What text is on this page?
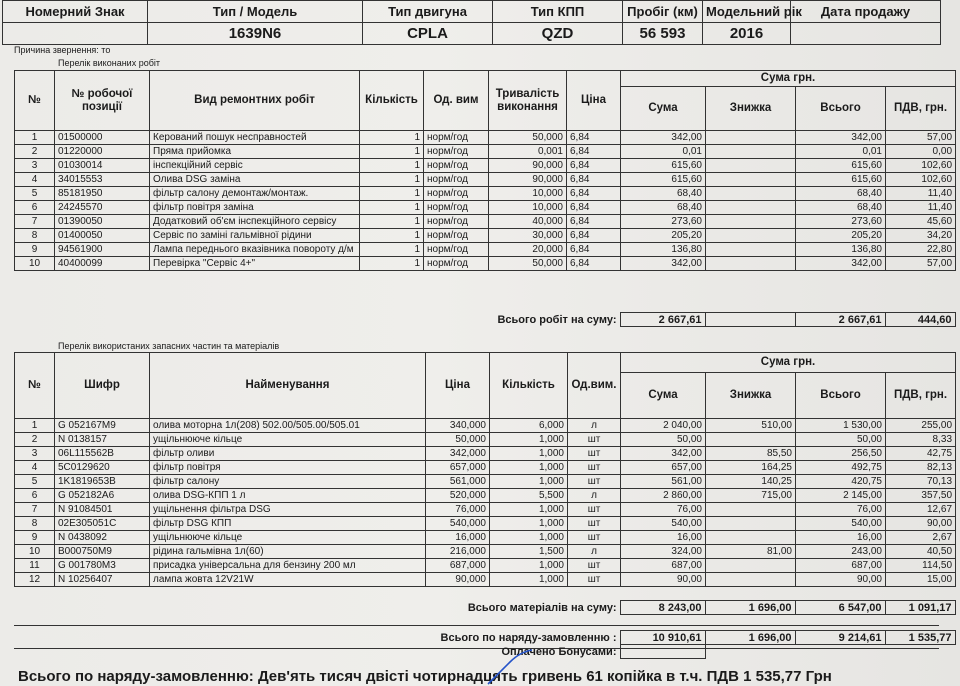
Номерний Знак	Тип / Модель	Тип двигуна	Тип КПП	Пробіг (км)	Модельний рік	Дата продажу
	1639N6	CPLA	QZD	56 593	2016	
Причина звернення: то
Перелік виконаних робіт
№	№ робочої позиції	Вид ремонтних робіт	Кількість	Од. вим	Тривалість виконання	Ціна	Сума грн.			
							Сума	Знижка	Всього	ПДВ, грн.
1	01500000	Керований пошук несправностей	1	норм/год	50,000	6,84	342,00		342,00	57,00
2	01220000	Пряма прийомка	1	норм/год	0,001	6,84	0,01		0,01	0,00
3	01030014	інспекційний сервіс	1	норм/год	90,000	6,84	615,60		615,60	102,60
4	34015553	Олива DSG заміна	1	норм/год	90,000	6,84	615,60		615,60	102,60
5	85181950	фільтр салону демонтаж/монтаж.	1	норм/год	10,000	6,84	68,40		68,40	11,40
6	24245570	фільтр повітря заміна	1	норм/год	10,000	6,84	68,40		68,40	11,40
7	01390050	Додатковий об'єм інспекційного сервісу	1	норм/год	40,000	6,84	273,60		273,60	45,60
8	01400050	Сервіс по заміні гальмівної рідини	1	норм/год	30,000	6,84	205,20		205,20	34,20
9	94561900	Лампа переднього вказівника повороту д/м	1	норм/год	20,000	6,84	136,80		136,80	22,80
10	40400099	Перевірка "Сервіс 4+"	1	норм/год	50,000	6,84	342,00		342,00	57,00
Всього робіт на суму:	2 667,61		2 667,61	444,60
Перелік використаних запасних частин та матеріалів
№	Шифр	Найменування	Ціна	Кількість	Од.вим.	Сума грн.			
						Сума	Знижка	Всього	ПДВ, грн.
1	G 052167M9	олива моторна 1л(208) 502.00/505.00/505.01	340,000	6,000	л	2 040,00	510,00	1 530,00	255,00
2	N 0138157	ущільнююче кільце	50,000	1,000	шт	50,00		50,00	8,33
3	06L115562B	фільтр оливи	342,000	1,000	шт	342,00	85,50	256,50	42,75
4	5C0129620	фільтр повітря	657,000	1,000	шт	657,00	164,25	492,75	82,13
5	1K1819653B	фільтр салону	561,000	1,000	шт	561,00	140,25	420,75	70,13
6	G 052182A6	олива DSG-КПП 1 л	520,000	5,500	л	2 860,00	715,00	2 145,00	357,50
7	N 91084501	ущільнення фільтра DSG	76,000	1,000	шт	76,00		76,00	12,67
8	02E305051C	фільтр DSG КПП	540,000	1,000	шт	540,00		540,00	90,00
9	N 0438092	ущільнююче кільце	16,000	1,000	шт	16,00		16,00	2,67
10	B000750M9	рідина гальмівна 1л(60)	216,000	1,500	л	324,00	81,00	243,00	40,50
11	G 001780M3	присадка універсальна для бензину 200 мл	687,000	1,000	шт	687,00		687,00	114,50
12	N 10256407	лампа жовта 12V21W	90,000	1,000	шт	90,00		90,00	15,00
Всього матеріалів на суму:	8 243,00	1 696,00	6 547,00	1 091,17
Всього по наряду-замовленню :	10 910,61	1 696,00	9 214,61	1 535,77
Оплачено Бонусами:				
Всього по наряду-замовленню: Дев'ять тисяч двісті чотирнадцять гривень 61 копійка в т.ч. ПДВ 1 535,77 Грн
